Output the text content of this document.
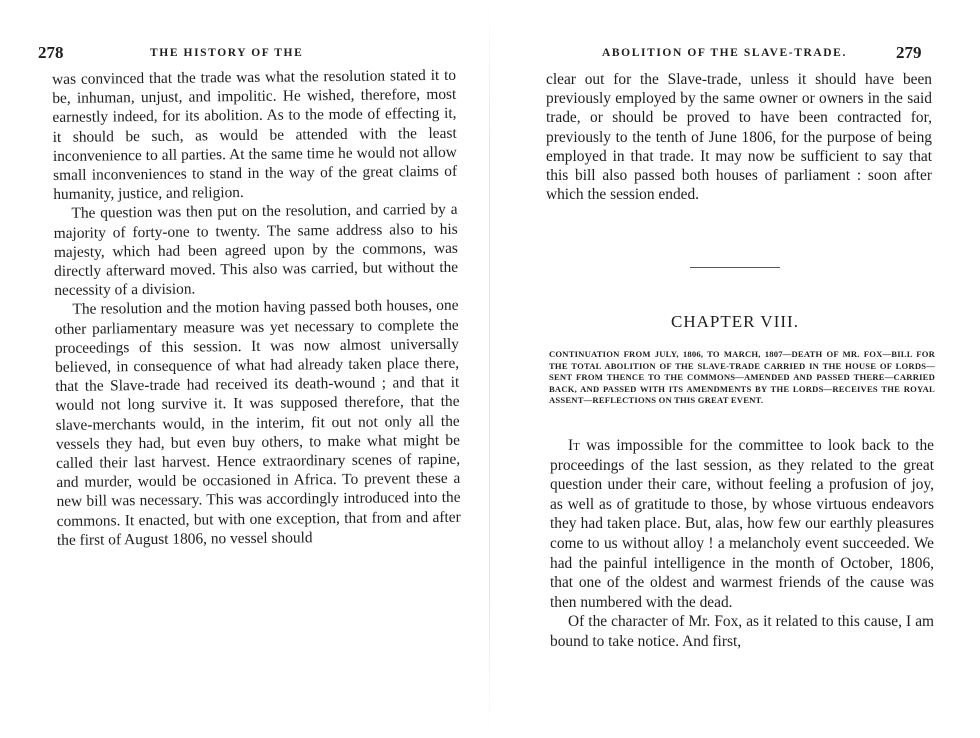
278	THE HISTORY OF THE

was convinced that the trade was what the resolution stated it to be, inhuman, unjust, and impolitic. He wished, therefore, most earnestly indeed, for its abolition. As to the mode of effecting it, it should be such, as would be attended with the least inconvenience to all parties. At the same time he would not allow small inconveniences to stand in the way of the great claims of humanity, justice, and religion.

The question was then put on the resolution, and carried by a majority of forty-one to twenty. The same address also to his majesty, which had been agreed upon by the commons, was directly afterward moved. This also was carried, but without the necessity of a division.

The resolution and the motion having passed both houses, one other parliamentary measure was yet necessary to complete the proceedings of this session. It was now almost universally believed, in consequence of what had already taken place there, that the Slave-trade had received its death-wound ; and that it would not long survive it. It was supposed therefore, that the slave-merchants would, in the interim, fit out not only all the vessels they had, but even buy others, to make what might be called their last harvest. Hence extraordinary scenes of rapine, and murder, would be occasioned in Africa. To prevent these a new bill was necessary. This was accordingly introduced into the commons. It enacted, but with one exception, that from and after the first of August 1806, no vessel should

ABOLITION OF THE SLAVE-TRADE.	279

clear out for the Slave-trade, unless it should have been previously employed by the same owner or owners in the said trade, or should be proved to have been contracted for, previously to the tenth of June 1806, for the purpose of being employed in that trade. It may now be sufficient to say that this bill also passed both houses of parliament : soon after which the session ended.

CHAPTER VIII.
CONTINUATION FROM JULY, 1806, TO MARCH, 1807—DEATH OF MR. FOX—BILL FOR THE TOTAL ABOLITION OF THE SLAVE-TRADE CARRIED IN THE HOUSE OF LORDS—SENT FROM THENCE TO THE COMMONS—AMENDED AND PASSED THERE—CARRIED BACK, AND PASSED WITH ITS AMENDMENTS BY THE LORDS—RECEIVES THE ROYAL ASSENT—REFLECTIONS ON THIS GREAT EVENT.

It was impossible for the committee to look back to the proceedings of the last session, as they related to the great question under their care, without feeling a profusion of joy, as well as of gratitude to those, by whose virtuous endeavors they had taken place. But, alas, how few our earthly pleasures come to us without alloy ! a melancholy event succeeded. We had the painful intelligence in the month of October, 1806, that one of the oldest and warmest friends of the cause was then numbered with the dead.

Of the character of Mr. Fox, as it related to this cause, I am bound to take notice. And first,
